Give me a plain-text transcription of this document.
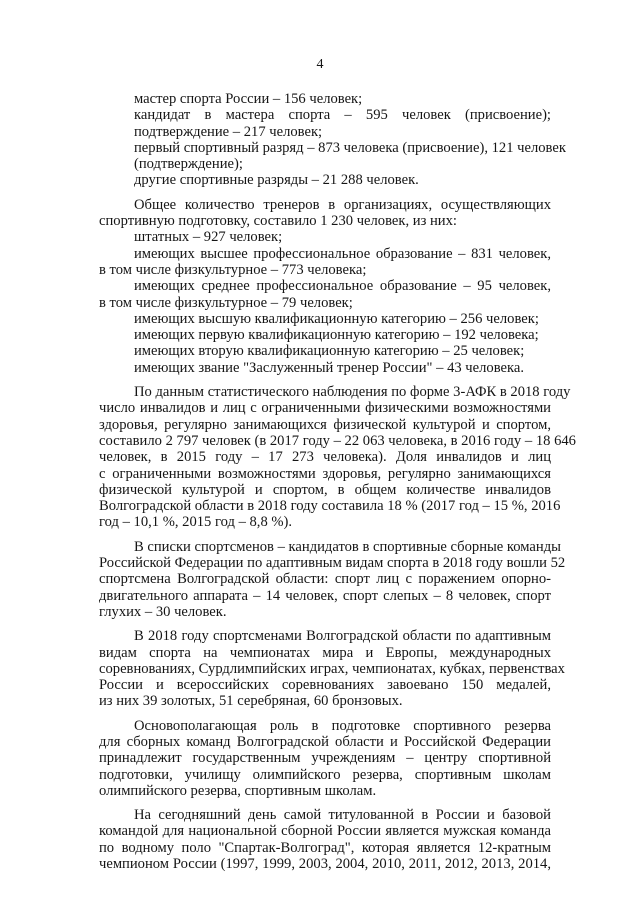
4
мастер спорта России – 156 человек;
кандидат в мастера спорта – 595 человек (присвоение);
подтверждение – 217 человек;
первый спортивный разряд – 873 человека (присвоение), 121 человек
(подтверждение);
другие спортивные разряды – 21 288 человек.
Общее количество тренеров в организациях, осуществляющих
спортивную подготовку, составило 1 230 человек, из них:
штатных – 927 человек;
имеющих высшее профессиональное образование – 831 человек,
в том числе физкультурное – 773 человека;
имеющих среднее профессиональное образование – 95 человек,
в том числе физкультурное – 79 человек;
имеющих высшую квалификационную категорию – 256 человек;
имеющих первую квалификационную категорию – 192 человека;
имеющих вторую квалификационную категорию – 25 человек;
имеющих звание "Заслуженный тренер России" – 43 человека.
По данным статистического наблюдения по форме 3-АФК в 2018 году
число инвалидов и лиц с ограниченными физическими возможностями
здоровья, регулярно занимающихся физической культурой и спортом,
составило 2 797 человек (в 2017 году – 22 063 человека, в 2016 году – 18 646
человек, в 2015 году – 17 273 человека). Доля инвалидов и лиц
с ограниченными возможностями здоровья, регулярно занимающихся
физической культурой и спортом, в общем количестве инвалидов
Волгоградской области в 2018 году составила 18 % (2017 год – 15 %, 2016
год – 10,1 %, 2015 год – 8,8 %).
В списки спортсменов – кандидатов в спортивные сборные команды
Российской Федерации по адаптивным видам спорта в 2018 году вошли 52
спортсмена Волгоградской области: спорт лиц с поражением опорно-
двигательного аппарата – 14 человек, спорт слепых – 8 человек, спорт
глухих – 30 человек.
В 2018 году спортсменами Волгоградской области по адаптивным
видам спорта на чемпионатах мира и Европы, международных
соревнованиях, Сурдлимпийских играх, чемпионатах, кубках, первенствах
России и всероссийских соревнованиях завоевано 150 медалей,
из них 39 золотых, 51 серебряная, 60 бронзовых.
Основополагающая роль в подготовке спортивного резерва
для сборных команд Волгоградской области и Российской Федерации
принадлежит государственным учреждениям – центру спортивной
подготовки, училищу олимпийского резерва, спортивным школам
олимпийского резерва, спортивным школам.
На сегодняшний день самой титулованной в России и базовой
командой для национальной сборной России является мужская команда
по водному поло "Спартак-Волгоград", которая является 12-кратным
чемпионом России (1997, 1999, 2003, 2004, 2010, 2011, 2012, 2013, 2014,
